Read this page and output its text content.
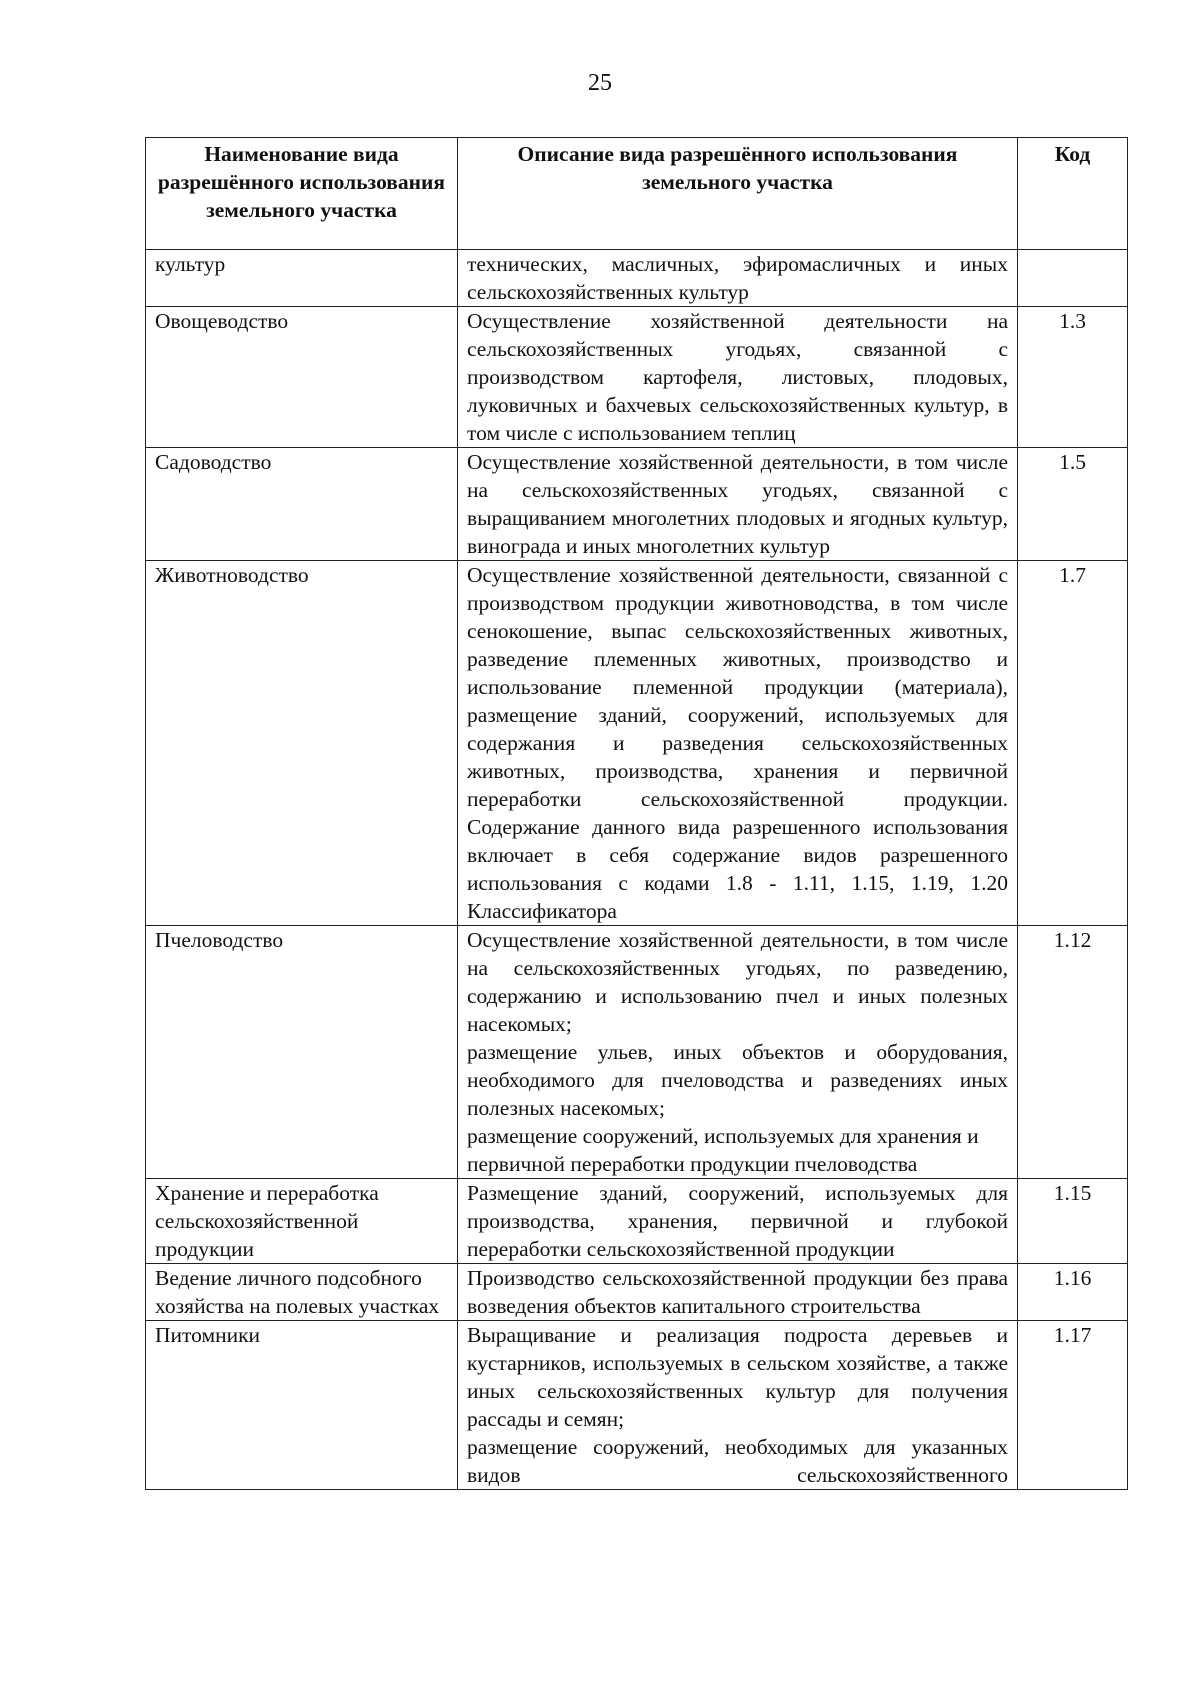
25
Наименование вида разрешённого использования земельного участка	Описание вида разрешённого использования земельного участка	Код
культур	технических, масличных, эфиромасличных и иных сельскохозяйственных культур	

Овощеводство	Осуществление хозяйственной деятельности на сельскохозяйственных угодьях, связанной с производством картофеля, листовых, плодовых, луковичных и бахчевых сельскохозяйственных культур, в том числе с использованием теплиц	1.3
Садоводство	Осуществление хозяйственной деятельности, в том числе на сельскохозяйственных угодьях, связанной с выращиванием многолетних плодовых и ягодных культур, винограда и иных многолетних культур	1.5
Животноводство	Осуществление хозяйственной деятельности, связанной с производством продукции животноводства, в том числе сенокошение, выпас сельскохозяйственных животных, разведение племенных животных, производство и использование племенной продукции (материала), размещение зданий, сооружений, используемых для содержания и разведения сельскохозяйственных животных, производства, хранения и первичной переработки сельскохозяйственной продукции. Содержание данного вида разрешенного использования включает в себя содержание видов разрешенного использования с кодами 1.8 - 1.11, 1.15, 1.19, 1.20 Классификатора	1.7
Пчеловодство	Осуществление хозяйственной деятельности, в том числе на сельскохозяйственных угодьях, по разведению, содержанию и использованию пчел и иных полезных насекомых;
размещение ульев, иных объектов и оборудования, необходимого для пчеловодства и разведениях иных полезных насекомых;
размещение сооружений, используемых для хранения и первичной переработки продукции пчеловодства	1.12
Хранение и переработка сельскохозяйственной продукции	Размещение зданий, сооружений, используемых для производства, хранения, первичной и глубокой переработки сельскохозяйственной продукции	1.15
Ведение личного подсобного хозяйства на полевых участках	Производство сельскохозяйственной продукции без права возведения объектов капитального строительства	1.16
Питомники	Выращивание и реализация подроста деревьев и кустарников, используемых в сельском хозяйстве, а также иных сельскохозяйственных культур для получения рассады и семян;
размещение сооружений, необходимых для указанных видов сельскохозяйственного	1.17
